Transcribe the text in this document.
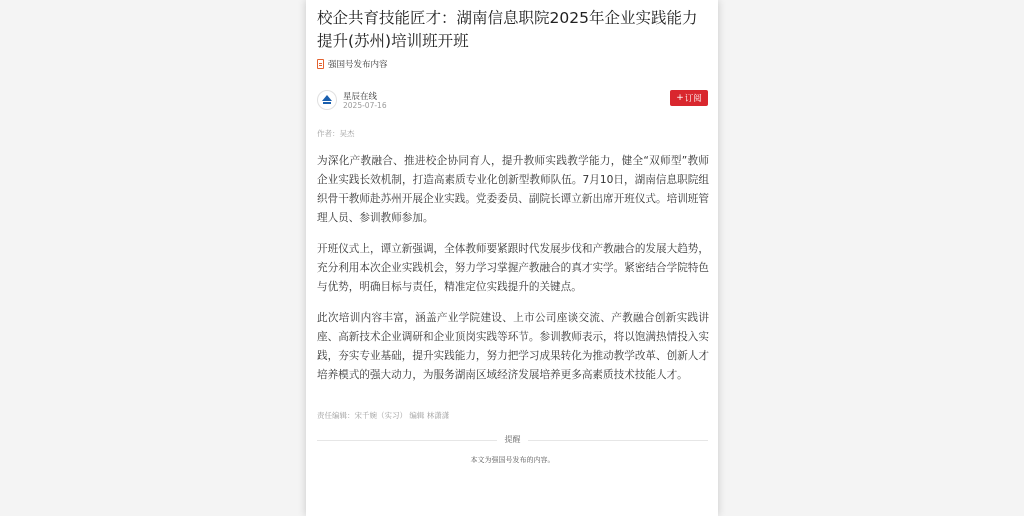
校企共育技能匠才：湖南信息职院2025年企业实践能力提升(苏州)培训班开班
强国号发布内容
星辰在线
2025-07-16
+ 订阅
作者：吴杰

为深化产教融合、推进校企协同育人，提升教师实践教学能力，健全“双师型”教师企业实践长效机制，打造高素质专业化创新型教师队伍。7月10日，湖南信息职院组织骨干教师赴苏州开展企业实践。党委委员、副院长谭立新出席开班仪式。培训班管理人员、参训教师参加。

开班仪式上，谭立新强调，全体教师要紧跟时代发展步伐和产教融合的发展大趋势，充分利用本次企业实践机会，努力学习掌握产教融合的真才实学。紧密结合学院特色与优势，明确目标与责任，精准定位实践提升的关键点。

此次培训内容丰富，涵盖产业学院建设、上市公司座谈交流、产教融合创新实践讲座、高新技术企业调研和企业顶岗实践等环节。参训教师表示，将以饱满热情投入实践，夯实专业基础，提升实践能力，努力把学习成果转化为推动教学改革、创新人才培养模式的强大动力，为服务湖南区域经济发展培养更多高素质技术技能人才。

责任编辑：宋千婉（实习） 编辑 林潇潇
提醒
本文为强国号发布的内容。
